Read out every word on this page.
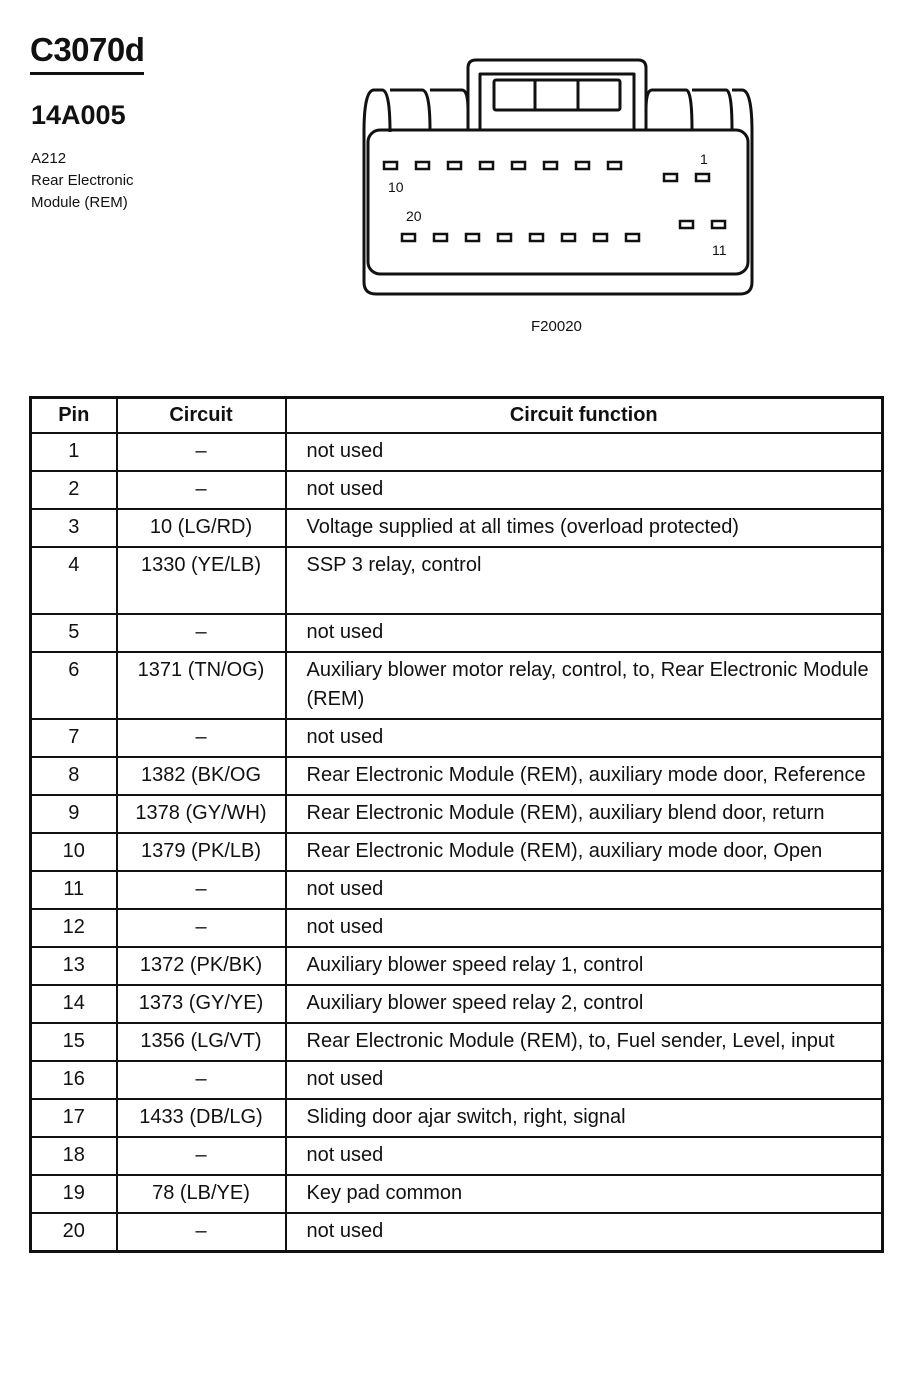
C3070d
14A005
A212
Rear Electronic
Module (REM)
1
10
20
11
F20020
Pin	Circuit	Circuit function
1	–	not used
2	–	not used
3	10 (LG/RD)	Voltage supplied at all times (overload protected)
4	1330 (YE/LB)	SSP 3 relay, control
5	–	not used
6	1371 (TN/OG)	Auxiliary blower motor relay, control, to, Rear Electronic Module (REM)
7	–	not used
8	1382 (BK/OG	Rear Electronic Module (REM), auxiliary mode door, Reference
9	1378 (GY/WH)	Rear Electronic Module (REM), auxiliary blend door, return
10	1379 (PK/LB)	Rear Electronic Module (REM), auxiliary mode door, Open
11	–	not used
12	–	not used
13	1372 (PK/BK)	Auxiliary blower speed relay 1, control
14	1373 (GY/YE)	Auxiliary blower speed relay 2, control
15	1356 (LG/VT)	Rear Electronic Module (REM), to, Fuel sender, Level, input
16	–	not used
17	1433 (DB/LG)	Sliding door ajar switch, right, signal
18	–	not used
19	78 (LB/YE)	Key pad common
20	–	not used
